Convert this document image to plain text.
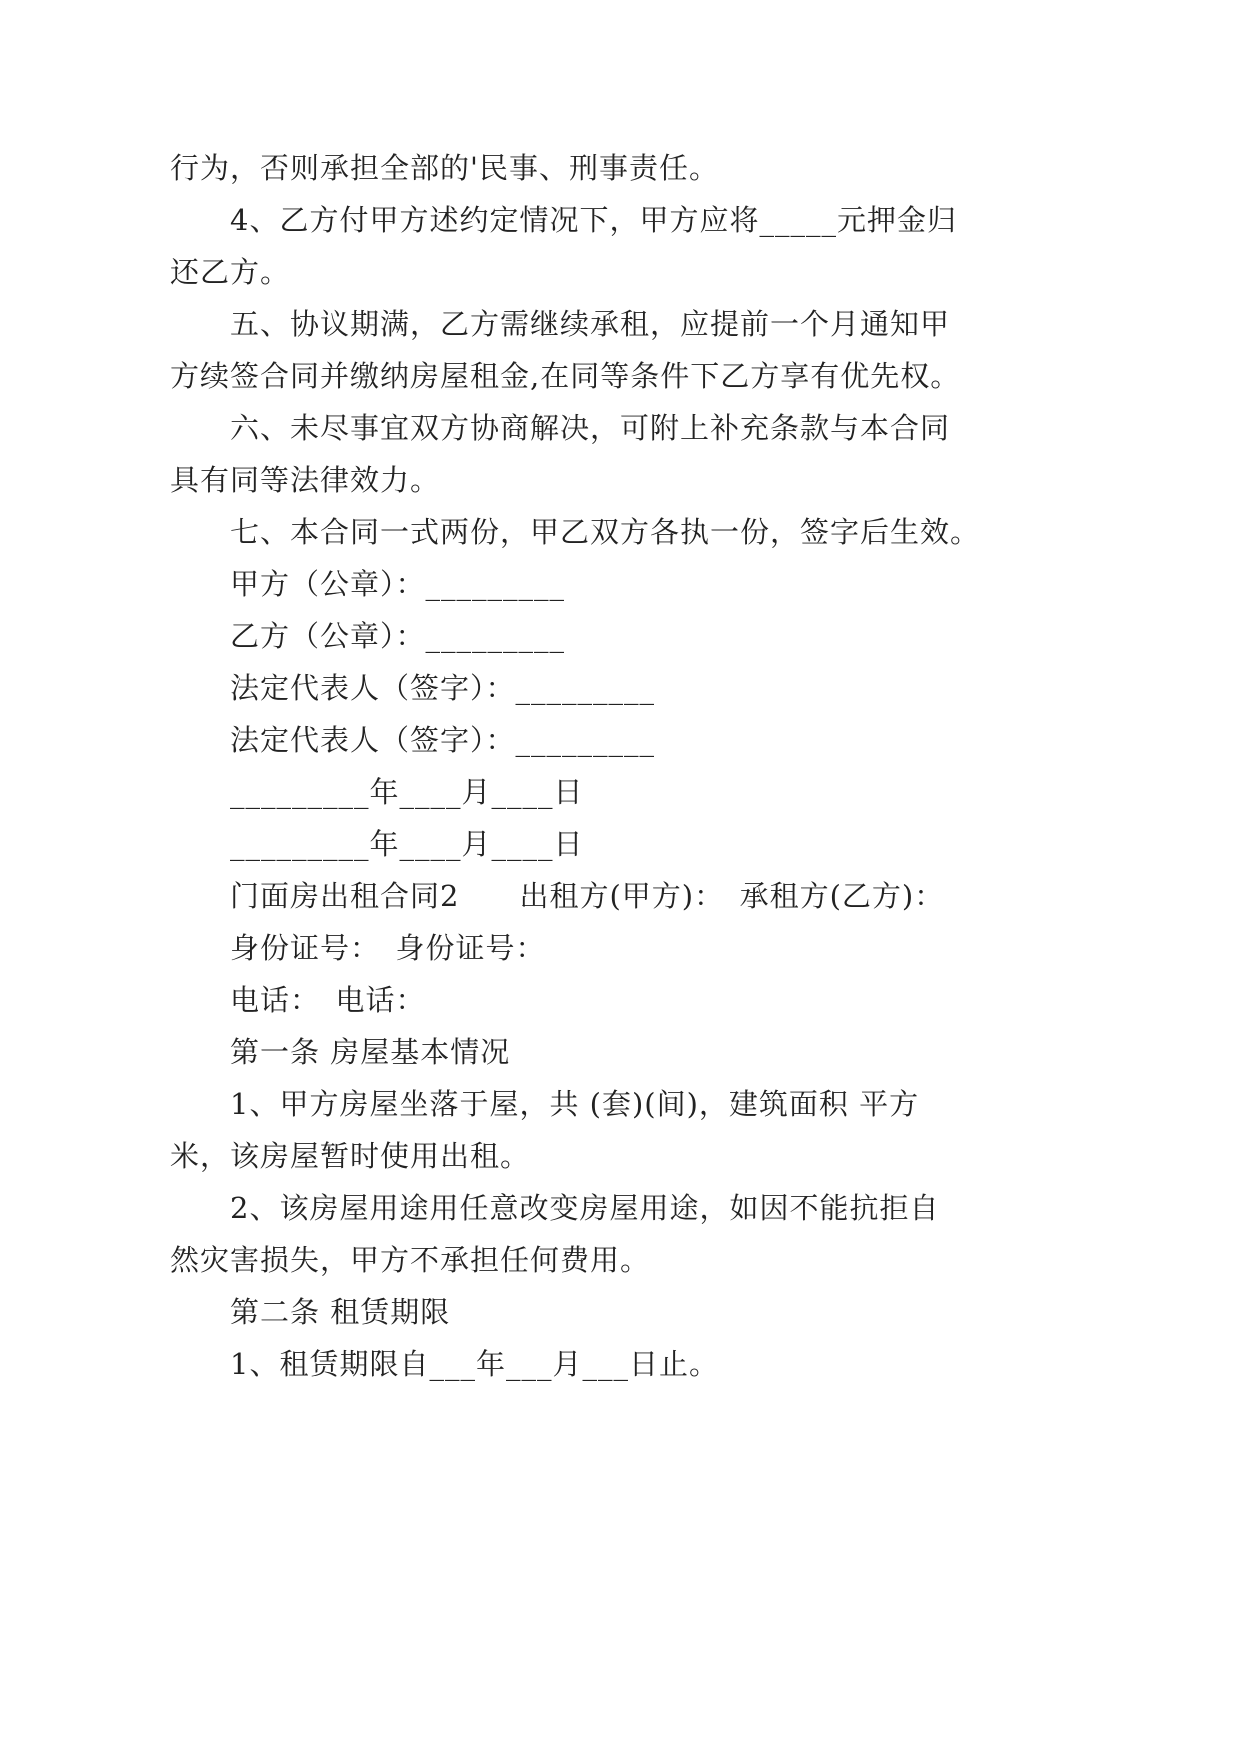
行为，否则承担全部的'民事、刑事责任。

4、乙方付甲方述约定情况下，甲方应将_____元押金归

还乙方。

五、协议期满，乙方需继续承租，应提前一个月通知甲

方续签合同并缴纳房屋租金,在同等条件下乙方享有优先权。

六、未尽事宜双方协商解决，可附上补充条款与本合同

具有同等法律效力。

七、本合同一式两份，甲乙双方各执一份，签字后生效。

甲方（公章）：_________

乙方（公章）：_________

法定代表人（签字）：_________

法定代表人（签字）：_________

_________年____月____日

_________年____月____日

门面房出租合同2　　出租方(甲方)：　承租方(乙方)：

身份证号：　身份证号：

电话：　电话：

第一条 房屋基本情况

1、甲方房屋坐落于屋，共 (套)(间)，建筑面积 平方

米，该房屋暂时使用出租。

2、该房屋用途用任意改变房屋用途，如因不能抗拒自

然灾害损失，甲方不承担任何费用。

第二条 租赁期限

1、租赁期限自___年___月___日止。
